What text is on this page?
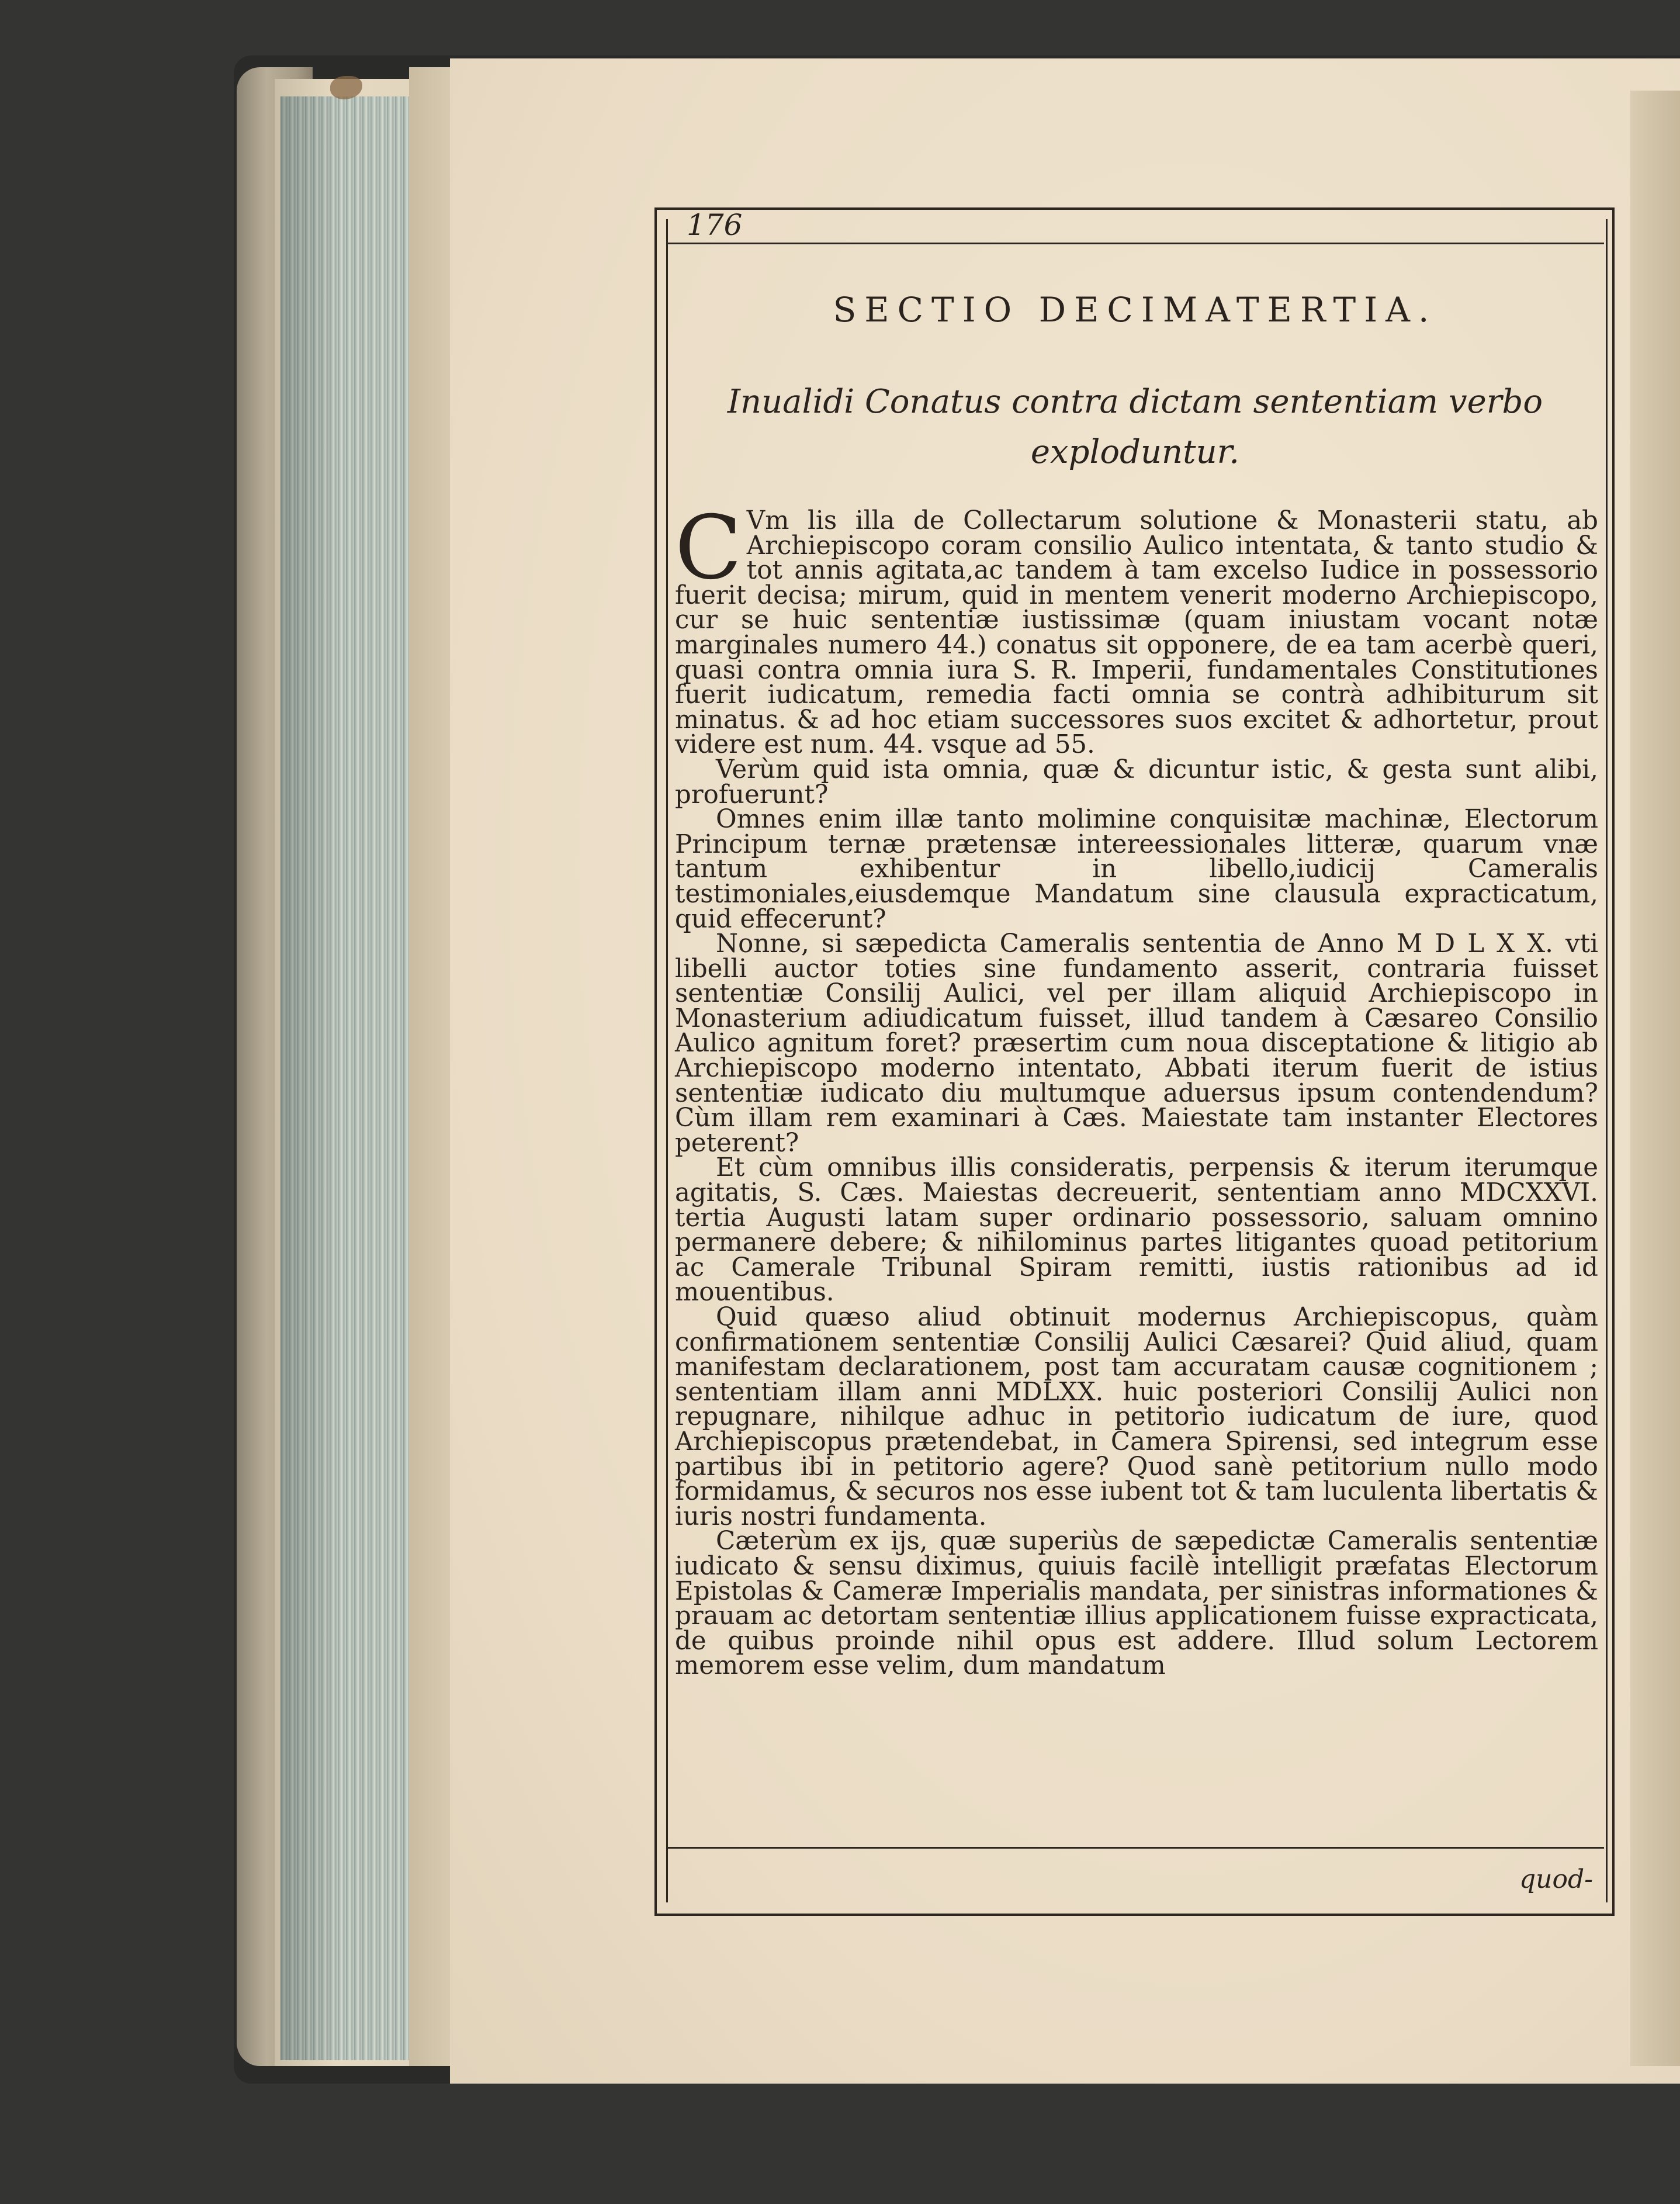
176
SECTIO DECIMATERTIA.
Inualidi Conatus contra dictam sententiam verbo
exploduntur.

C Vm lis illa de Collectarum solutione & Monasterii statu, ab Archiepiscopo coram consilio Aulico intentata, & tanto studio & tot annis agitata,ac tandem à tam excelso Iudice in possessorio fuerit decisa; mirum, quid in mentem venerit moderno Archiepiscopo, cur se huic sententiæ iustissimæ (quam iniustam vocant notæ marginales numero 44.) conatus sit opponere, de ea tam acerbè queri, quasi contra omnia iura S. R. Imperii, fundamentales Constitutiones fuerit iudicatum, remedia facti omnia se contrà adhibiturum sit minatus. & ad hoc etiam successores suos excitet & adhortetur, prout videre est num. 44. vsque ad 55.

Verùm quid ista omnia, quæ & dicuntur istic, & gesta sunt alibi, profuerunt?

Omnes enim illæ tanto molimine conquisitæ machinæ, Electorum Principum ternæ prætensæ intereessionales litteræ, quarum vnæ tantum exhibentur in libello,iudicij Cameralis testimoniales,eiusdemque Mandatum sine clausula expracticatum, quid effecerunt?

Nonne, si sæpedicta Cameralis sententia de Anno M D L X X. vti libelli auctor toties sine fundamento asserit, contraria fuisset sententiæ Consilij Aulici, vel per illam aliquid Archiepiscopo in Monasterium adiudicatum fuisset, illud tandem à Cæsareo Consilio Aulico agnitum foret? præsertim cum noua disceptatione & litigio ab Archiepiscopo moderno intentato, Abbati iterum fuerit de istius sententiæ iudicato diu multumque aduersus ipsum contendendum? Cùm illam rem examinari à Cæs. Maiestate tam instanter Electores peterent?

Et cùm omnibus illis consideratis, perpensis & iterum iterumque agitatis, S. Cæs. Maiestas decreuerit, sententiam anno MDCXXVI. tertia Augusti latam super ordinario possessorio, saluam omnino permanere debere; & nihilominus partes litigantes quoad petitorium ac Camerale Tribunal Spiram remitti, iustis rationibus ad id mouentibus.

Quid quæso aliud obtinuit modernus Archiepiscopus, quàm confirmationem sententiæ Consilij Aulici Cæsarei? Quid aliud, quam manifestam declarationem, post tam accuratam causæ cognitionem ; sententiam illam anni MDLXX. huic posteriori Consilij Aulici non repugnare, nihilque adhuc in petitorio iudicatum de iure, quod Archiepiscopus prætendebat, in Camera Spirensi, sed integrum esse partibus ibi in petitorio agere? Quod sanè petitorium nullo modo formidamus, & securos nos esse iubent tot & tam luculenta libertatis & iuris nostri fundamenta.

Cæterùm ex ijs, quæ superiùs de sæpedictæ Cameralis sententiæ iudicato & sensu diximus, quiuis facilè intelligit præfatas Electorum Epistolas & Cameræ Imperialis mandata, per sinistras informationes & prauam ac detortam sententiæ illius applicationem fuisse expracticata, de quibus proinde nihil opus est addere. Illud solum Lectorem memorem esse velim, dum mandatum

quod-
